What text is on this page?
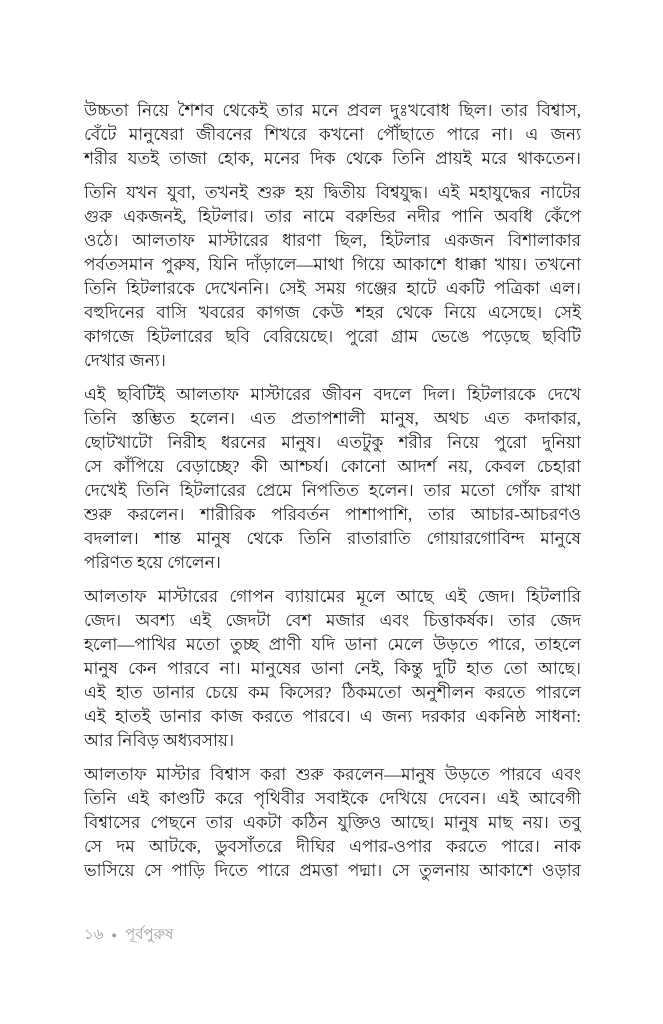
উচ্চতা নিয়ে শৈশব থেকেই তার মনে প্রবল দুঃখবোধ ছিল। তার বিশ্বাস,
বেঁটে মানুষেরা জীবনের শিখরে কখনো পৌঁছাতে পারে না। এ জন্য
শরীর যতই তাজা হোক, মনের দিক থেকে তিনি প্রায়ই মরে থাকতেন।

তিনি যখন যুবা, তখনই শুরু হয় দ্বিতীয় বিশ্বযুদ্ধ। এই মহাযুদ্ধের নাটের
গুরু একজনই, হিটলার। তার নামে বরুন্ডির নদীর পানি অবধি কেঁপে
ওঠে। আলতাফ মাস্টারের ধারণা ছিল, হিটলার একজন বিশালাকার
পর্বতসমান পুরুষ, যিনি দাঁড়ালে—মাথা গিয়ে আকাশে ধাক্কা খায়। তখনো
তিনি হিটলারকে দেখেননি। সেই সময় গঞ্জের হাটে একটি পত্রিকা এল।
বহুদিনের বাসি খবরের কাগজ কেউ শহর থেকে নিয়ে এসেছে। সেই
কাগজে হিটলারের ছবি বেরিয়েছে। পুরো গ্রাম ভেঙে পড়েছে ছবিটি
দেখার জন্য।

এই ছবিটিই আলতাফ মাস্টারের জীবন বদলে দিল। হিটলারকে দেখে
তিনি স্তম্ভিত হলেন। এত প্রতাপশালী মানুষ, অথচ এত কদাকার,
ছোটখাটো নিরীহ ধরনের মানুষ। এতটুকু শরীর নিয়ে পুরো দুনিয়া
সে কাঁপিয়ে বেড়াচ্ছে? কী আশ্চর্য। কোনো আদর্শ নয়, কেবল চেহারা
দেখেই তিনি হিটলারের প্রেমে নিপতিত হলেন। তার মতো গোঁফ রাখা
শুরু করলেন। শারীরিক পরিবর্তন পাশাপাশি, তার আচার-আচরণও
বদলাল। শান্ত মানুষ থেকে তিনি রাতারাতি গোয়ারগোবিন্দ মানুষে
পরিণত হয়ে গেলেন।

আলতাফ মাস্টারের গোপন ব্যায়ামের মূলে আছে এই জেদ। হিটলারি
জেদ। অবশ্য এই জেদটা বেশ মজার এবং চিত্তাকর্ষক। তার জেদ
হলো—পাখির মতো তুচ্ছ প্রাণী যদি ডানা মেলে উড়তে পারে, তাহলে
মানুষ কেন পারবে না। মানুষের ডানা নেই, কিন্তু দুটি হাত তো আছে।
এই হাত ডানার চেয়ে কম কিসের? ঠিকমতো অনুশীলন করতে পারলে
এই হাতই ডানার কাজ করতে পারবে। এ জন্য দরকার একনিষ্ঠ সাধনা:
আর নিবিড় অধ্যবসায়।

আলতাফ মাস্টার বিশ্বাস করা শুরু করলেন—মানুষ উড়তে পারবে এবং
তিনি এই কাণ্ডটি করে পৃথিবীর সবাইকে দেখিয়ে দেবেন। এই আবেগী
বিশ্বাসের পেছনে তার একটা কঠিন যুক্তিও আছে। মানুষ মাছ নয়। তবু
সে দম আটকে, ডুবসাঁতরে দীঘির এপার-ওপার করতে পারে। নাক
ভাসিয়ে সে পাড়ি দিতে পারে প্রমত্তা পদ্মা। সে তুলনায় আকাশে ওড়ার

১৬ ● পূর্বপুরুষ
